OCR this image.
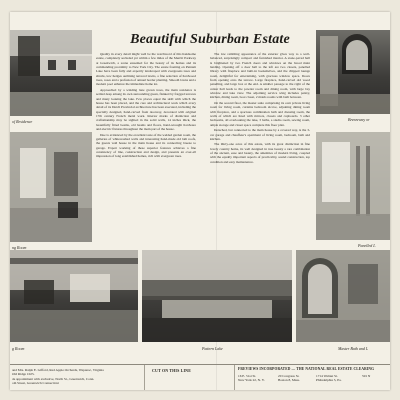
of Residence
Beautiful Suburban Estate

Quality in every detail might well be the watchword of this handsome estate, completely secluded yet within a few miles of the Merritt Parkway at Greenwich, a scene esteemed for the beauty of its homes and its commanding proximity to New York City. The estate fronting on Putnam Lake have been fully and expertly landscaped with evergreens trees and shrubs, low hedges outlining terraced lawns, a fine selection of hardwood trees, roses and a profusion of annual border planting. Smooth lawns and a modern pool enhance the immediate home lot.

Approached by a winding lane grown trees, the main residence is settled deep among its own surrounding green, flanked by fragged terraces and many looking the lake. Few places equal the skill with which the house has been placed, and the care and architectural work which every detail of its Dutch Provincial architecture has been executed, including the specially designed, hand-carved front doorway, decorated with original 17th century French metal work. Interior marks of distinction and craftsmanship may be sighted in the solid walls, 14 inches thick, the beautifully fitted beams, old beams and floors, hand-wrought hardware and electric fixtures throughout the main part of the house.

Due is evidenced by the excellent taste of the welded garden room, the galleries of whitewashed walls and interesting hand-made old lath roofs, the guests wall house in the main house and its connecting breeze to garage. Expert working of these superior features achieves a fine consistency of line, construction and design, and presents an over-all impression of long established homes, rich with evergreen trees.

The low rambling appearance of the exterior gives way to a well-balanced, surprisingly compact and furnished interior. A stone-paved hall is brightened by two French doors and windows on the broad main landing. Opening off a door hall to the left are two closets, panelled library with fireplace and built-in bookshelves, and the chipped lounge room, delightful for entertaining, with gracious window space. Doors from opening onto the terrace. Large fireplace, hand-carved old wood panelling, and large box at the end. A smaller passage to the right of the center hall leads to the powder room and dining room, with large bay window and lake view. The adjoining service wing includes pantry, kitchen, dining room, boot closet, 2 maids rooms with bath between.

On the second floor, the master suite comprising its own private living room for living room, curtains bedroom alcove, adjoining dining room with fireplace, and a spacious combination bath and dressing room, the walls of which are lined with mirrors, closets and cupboards. 3 other bedrooms, all overlooking the lake, 3 baths, a studio room, sewing room, ample storage and closet space complete this floor plan.

Detached, but connected to the main house by a covered way, is the 3-car garage and chauffeur's apartment of living room, bedroom, bath and kitchen.

The thirty-one acres of this estate, with its great distinction in fine lovely country home, its well designed in true beauty a rare combination of the ancient, ease and beauty, the amenities of modern living, coupled with the equally important aspects of practicality, sound construction, top condition and easy maintenance.

Breezeway or
ng Room	Panelled L
g Room	Pattern Lake	Master Bath and L
and Mrs. Ralph E. Gifford, Red Apple Orchards, Wapanac, Virginia
Old Ridge 1025.
de appointment with exclusive, North St., Greenwich, Conn.
oth Street, Greenwich Connecticut
CUT ON THIS LINE	FREVIEWS INCORPORATED — THE NATIONAL REAL ESTATE CLEARING
16 E. 51st St.
New York 22, N. Y.
20 Congress St.
Boston 8, Mass.
1714 Walnut St.
Philadelphia 3, Pa.
591 N
